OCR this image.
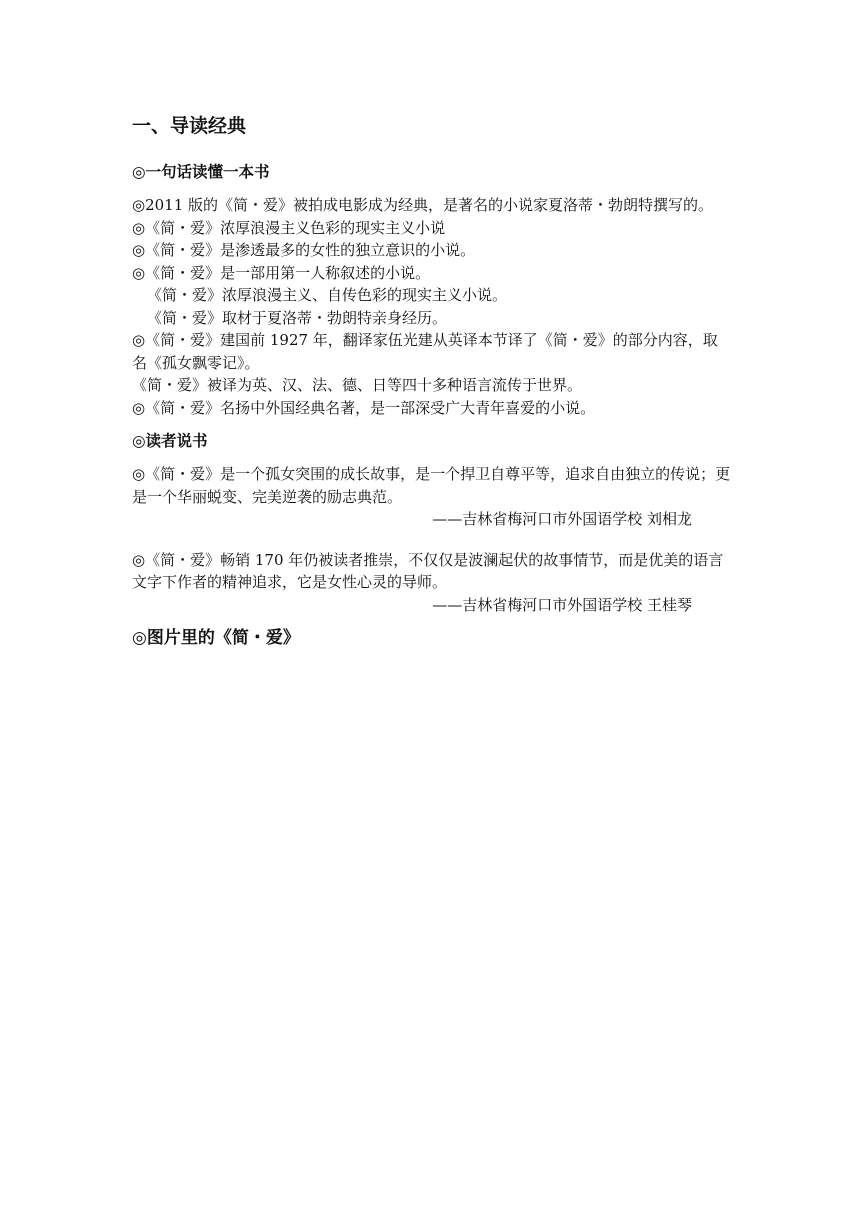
一、导读经典
◎一句话读懂一本书

◎2011 版的《简・爱》被拍成电影成为经典，是著名的小说家夏洛蒂・勃朗特撰写的。

◎《简・爱》浓厚浪漫主义色彩的现实主义小说

◎《简・爱》是渗透最多的女性的独立意识的小说。

◎《简・爱》是一部用第一人称叙述的小说。

《简・爱》浓厚浪漫主义、自传色彩的现实主义小说。

《简・爱》取材于夏洛蒂・勃朗特亲身经历。

◎《简・爱》建国前 1927 年，翻译家伍光建从英译本节译了《简・爱》的部分内容，取名《孤女飘零记》。

《简・爱》被译为英、汉、法、德、日等四十多种语言流传于世界。

◎《简・爱》名扬中外国经典名著，是一部深受广大青年喜爱的小说。

◎读者说书

◎《简・爱》是一个孤女突围的成长故事，是一个捍卫自尊平等，追求自由独立的传说；更是一个华丽蜕变、完美逆袭的励志典范。

——吉林省梅河口市外国语学校 刘相龙

◎《简・爱》畅销 170 年仍被读者推崇，不仅仅是波澜起伏的故事情节，而是优美的语言文字下作者的精神追求，它是女性心灵的导师。

——吉林省梅河口市外国语学校 王桂琴

◎图片里的《简・爱》
